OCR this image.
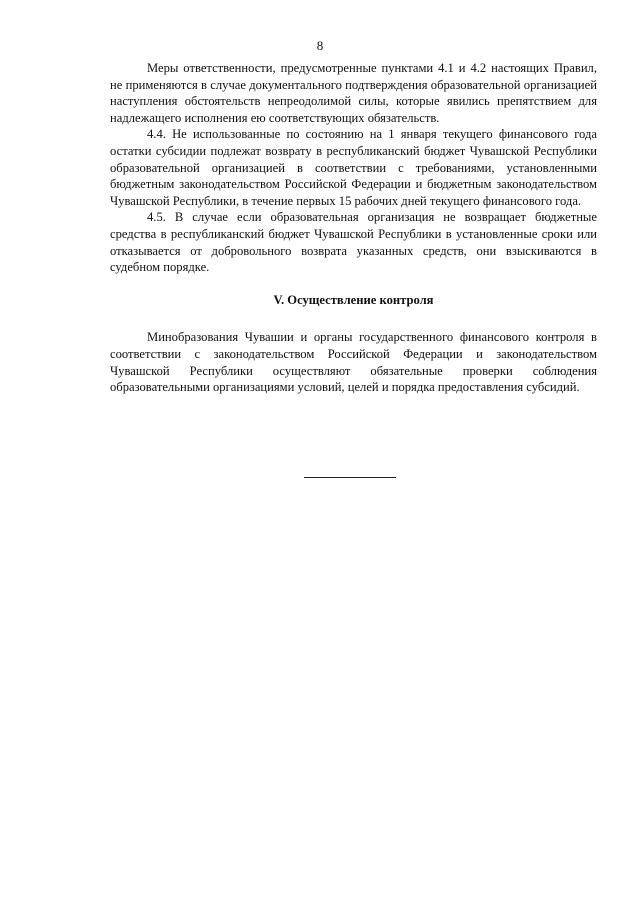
8

Меры ответственности, предусмотренные пунктами 4.1 и 4.2 настоящих Правил, не применяются в случае документального подтверждения образовательной организацией наступления обстоятельств непреодолимой силы, которые явились препятствием для надлежащего исполнения ею соответствующих обязательств.

4.4. Не использованные по состоянию на 1 января текущего финансового года остатки субсидии подлежат возврату в республиканский бюджет Чувашской Республики образовательной организацией в соответствии с требованиями, установленными бюджетным законодательством Российской Федерации и бюджетным законодательством Чувашской Республики, в течение первых 15 рабочих дней текущего финансового года.

4.5. В случае если образовательная организация не возвращает бюджетные средства в республиканский бюджет Чувашской Республики в установленные сроки или отказывается от добровольного возврата указанных средств, они взыскиваются в судебном порядке.

V. Осуществление контроля

Минобразования Чувашии и органы государственного финансового контроля в соответствии с законодательством Российской Федерации и законодательством Чувашской Республики осуществляют обязательные проверки соблюдения образовательными организациями условий, целей и порядка предоставления субсидий.
